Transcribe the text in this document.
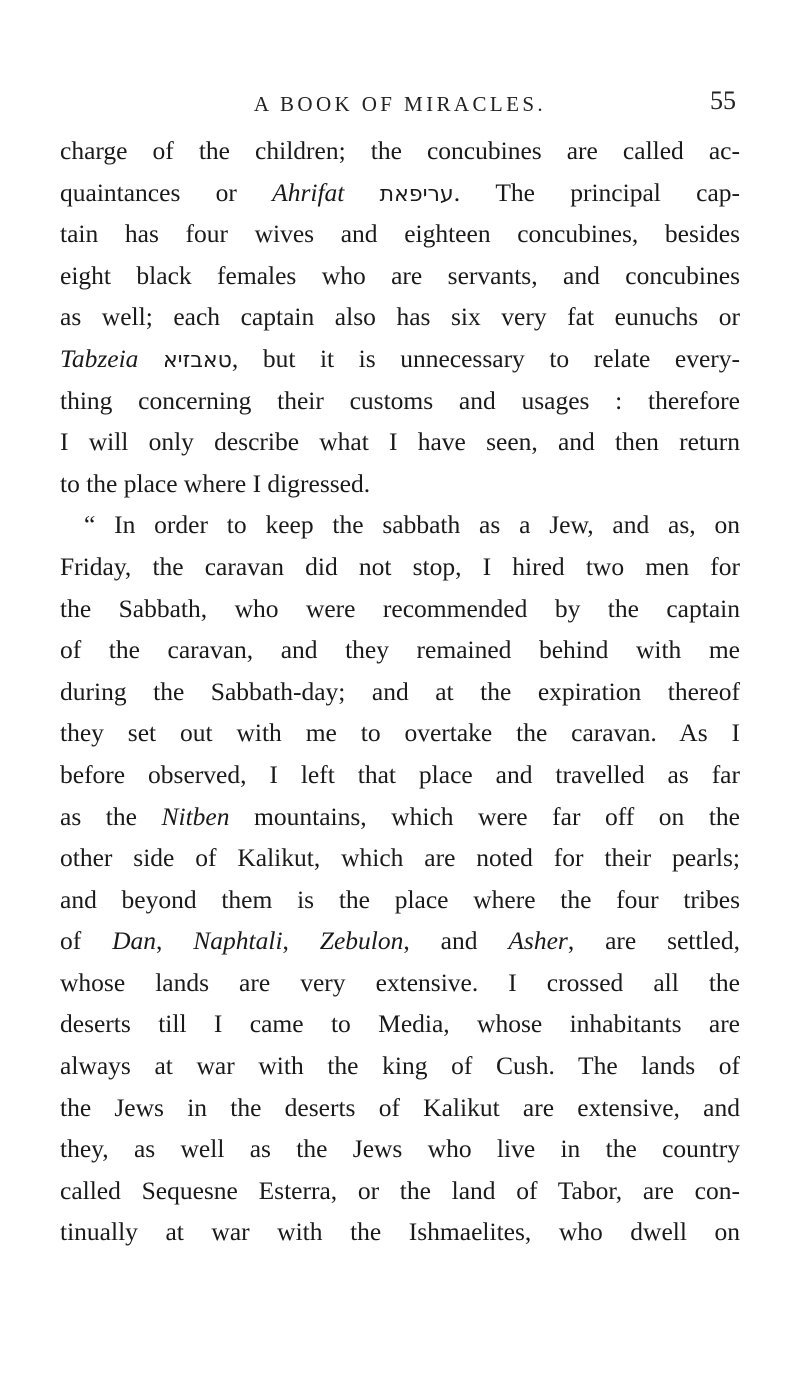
A BOOK OF MIRACLES.	55
charge of the children; the concubines are called ac-
quaintances or Ahrifat עריפאת. The principal cap-
tain has four wives and eighteen concubines, besides
eight black females who are servants, and concubines
as well; each captain also has six very fat eunuchs or
Tabzeia טאבזיא, but it is unnecessary to relate every-
thing concerning their customs and usages : therefore
I will only describe what I have seen, and then return
to the place where I digressed.
“ In order to keep the sabbath as a Jew, and as, on
Friday, the caravan did not stop, I hired two men for
the Sabbath, who were recommended by the captain
of the caravan, and they remained behind with me
during the Sabbath-day; and at the expiration thereof
they set out with me to overtake the caravan. As I
before observed, I left that place and travelled as far
as the Nitben mountains, which were far off on the
other side of Kalikut, which are noted for their pearls;
and beyond them is the place where the four tribes
of Dan, Naphtali, Zebulon, and Asher, are settled,
whose lands are very extensive. I crossed all the
deserts till I came to Media, whose inhabitants are
always at war with the king of Cush. The lands of
the Jews in the deserts of Kalikut are extensive, and
they, as well as the Jews who live in the country
called Sequesne Esterra, or the land of Tabor, are con-
tinually at war with the Ishmaelites, who dwell on
